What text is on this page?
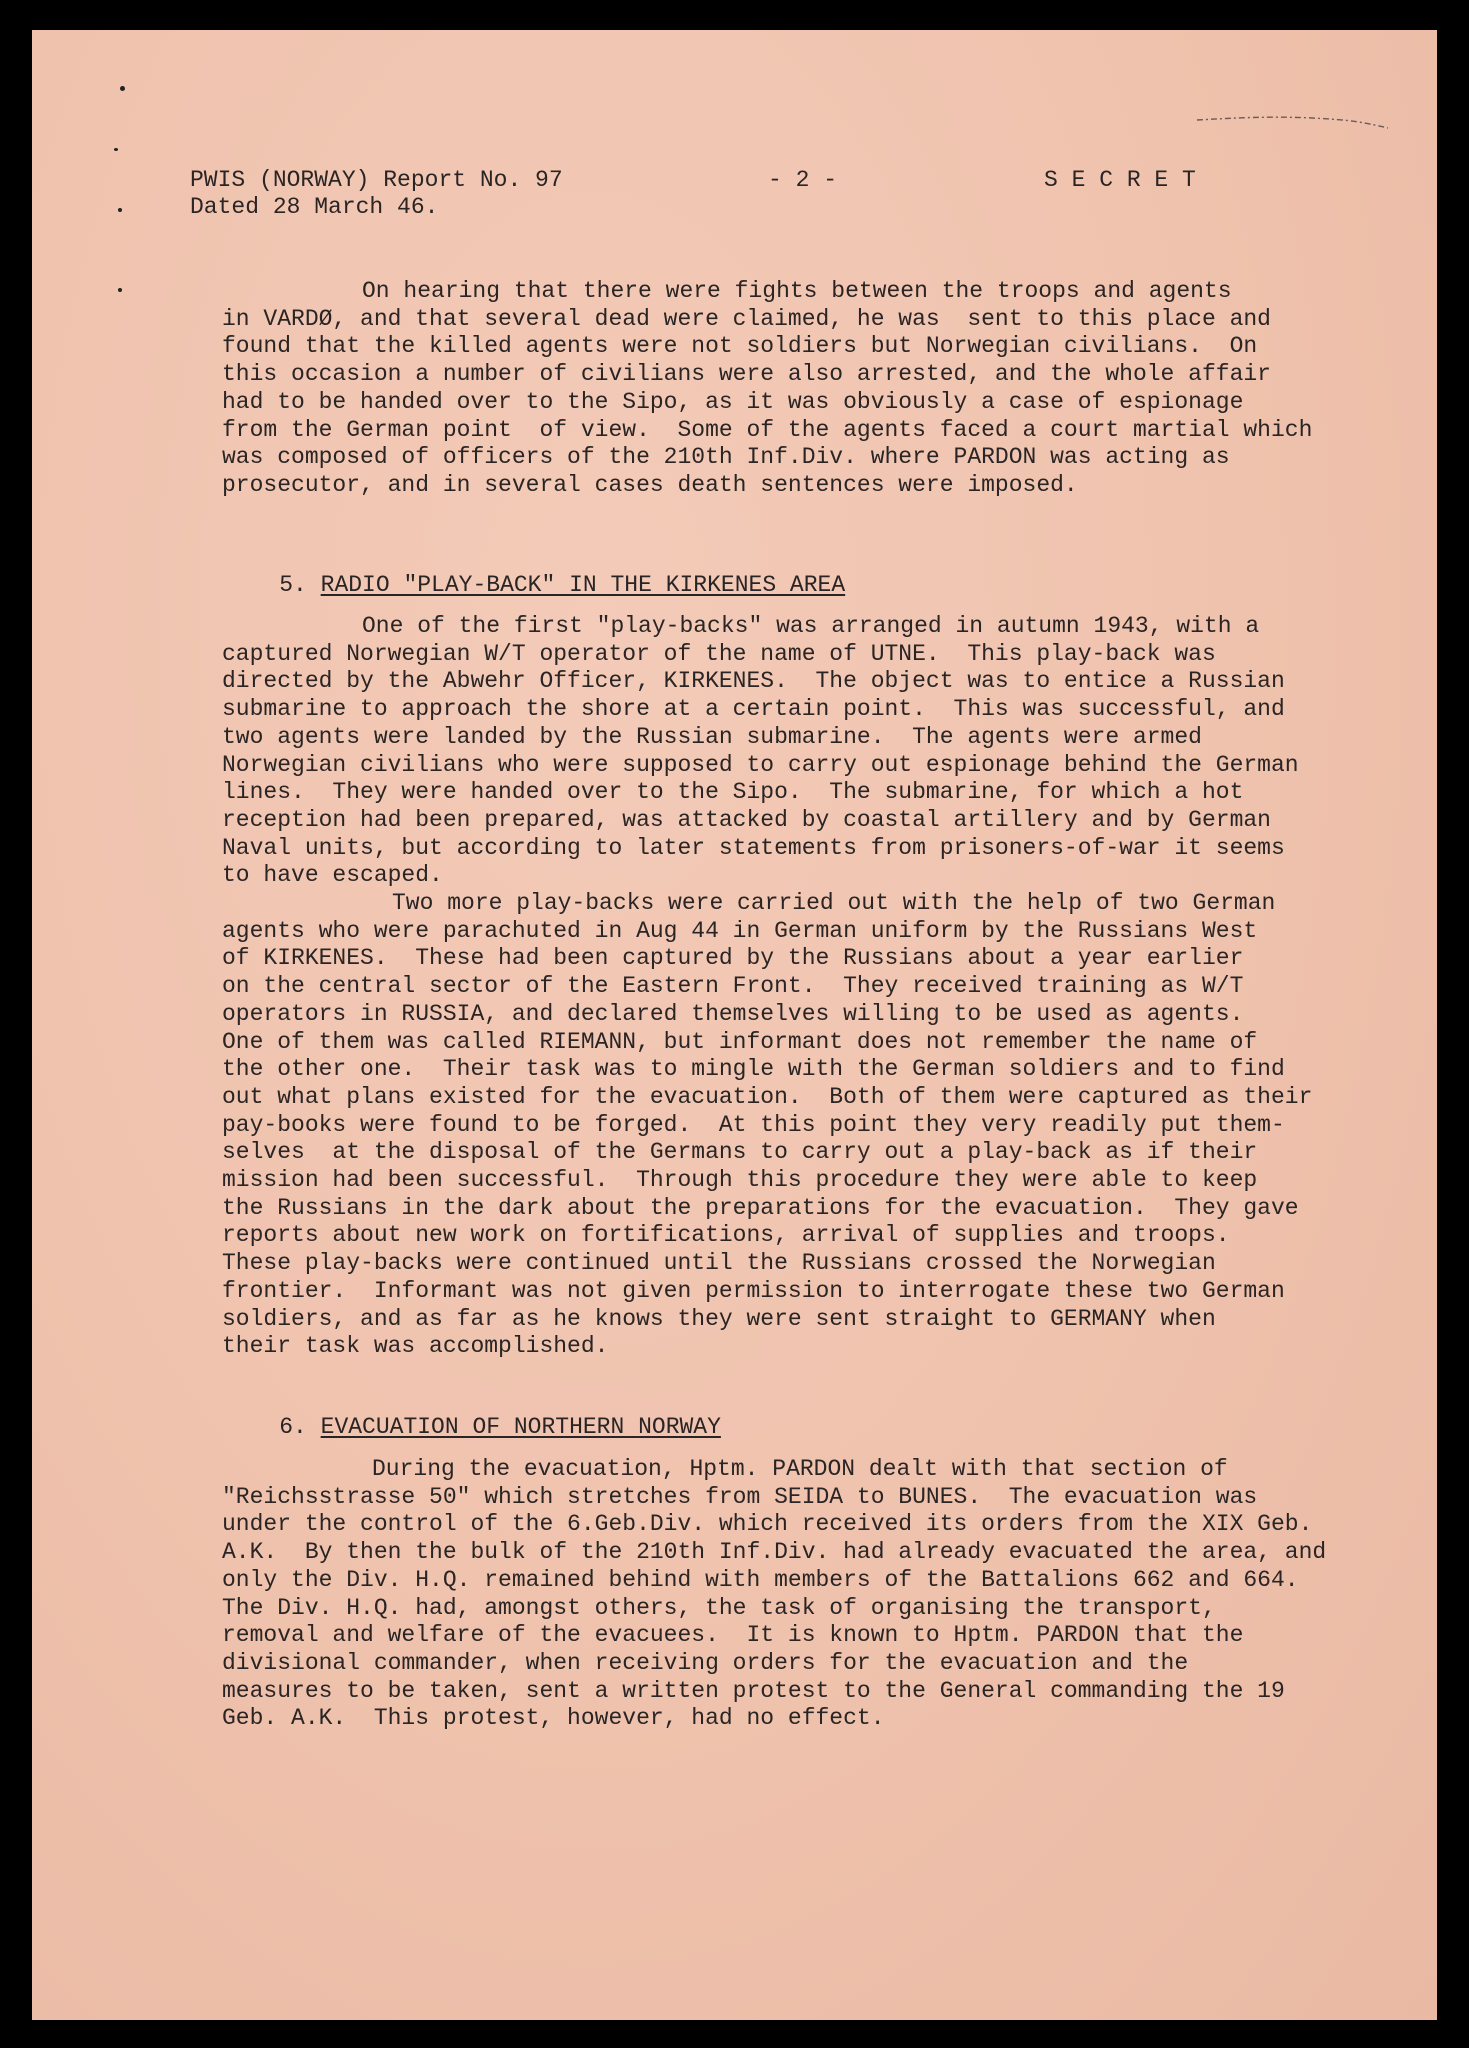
PWIS (NORWAY) Report No. 97
Dated 28 March 46.
- 2 -	S E C R E T
On hearing that there were fights between the troops and agents
in VARDØ, and that several dead were claimed, he was  sent to this place and
found that the killed agents were not soldiers but Norwegian civilians.  On
this occasion a number of civilians were also arrested, and the whole affair
had to be handed over to the Sipo, as it was obviously a case of espionage
from the German point  of view.  Some of the agents faced a court martial which
was composed of officers of the 210th Inf.Div. where PARDON was acting as
prosecutor, and in several cases death sentences were imposed.

5. RADIO "PLAY-BACK" IN THE KIRKENES AREA

One of the first "play-backs" was arranged in autumn 1943, with a
captured Norwegian W/T operator of the name of UTNE.  This play-back was
directed by the Abwehr Officer, KIRKENES.  The object was to entice a Russian
submarine to approach the shore at a certain point.  This was successful, and
two agents were landed by the Russian submarine.  The agents were armed
Norwegian civilians who were supposed to carry out espionage behind the German
lines.  They were handed over to the Sipo.  The submarine, for which a hot
reception had been prepared, was attacked by coastal artillery and by German
Naval units, but according to later statements from prisoners-of-war it seems
to have escaped.
Two more play-backs were carried out with the help of two German
agents who were parachuted in Aug 44 in German uniform by the Russians West
of KIRKENES.  These had been captured by the Russians about a year earlier
on the central sector of the Eastern Front.  They received training as W/T
operators in RUSSIA, and declared themselves willing to be used as agents.
One of them was called RIEMANN, but informant does not remember the name of
the other one.  Their task was to mingle with the German soldiers and to find
out what plans existed for the evacuation.  Both of them were captured as their
pay-books were found to be forged.  At this point they very readily put them-
selves  at the disposal of the Germans to carry out a play-back as if their
mission had been successful.  Through this procedure they were able to keep
the Russians in the dark about the preparations for the evacuation.  They gave
reports about new work on fortifications, arrival of supplies and troops.
These play-backs were continued until the Russians crossed the Norwegian
frontier.  Informant was not given permission to interrogate these two German
soldiers, and as far as he knows they were sent straight to GERMANY when
their task was accomplished.

6. EVACUATION OF NORTHERN NORWAY

During the evacuation, Hptm. PARDON dealt with that section of
"Reichsstrasse 50" which stretches from SEIDA to BUNES.  The evacuation was
under the control of the 6.Geb.Div. which received its orders from the XIX Geb.
A.K.  By then the bulk of the 210th Inf.Div. had already evacuated the area, and
only the Div. H.Q. remained behind with members of the Battalions 662 and 664.
The Div. H.Q. had, amongst others, the task of organising the transport,
removal and welfare of the evacuees.  It is known to Hptm. PARDON that the
divisional commander, when receiving orders for the evacuation and the
measures to be taken, sent a written protest to the General commanding the 19
Geb. A.K.  This protest, however, had no effect.
